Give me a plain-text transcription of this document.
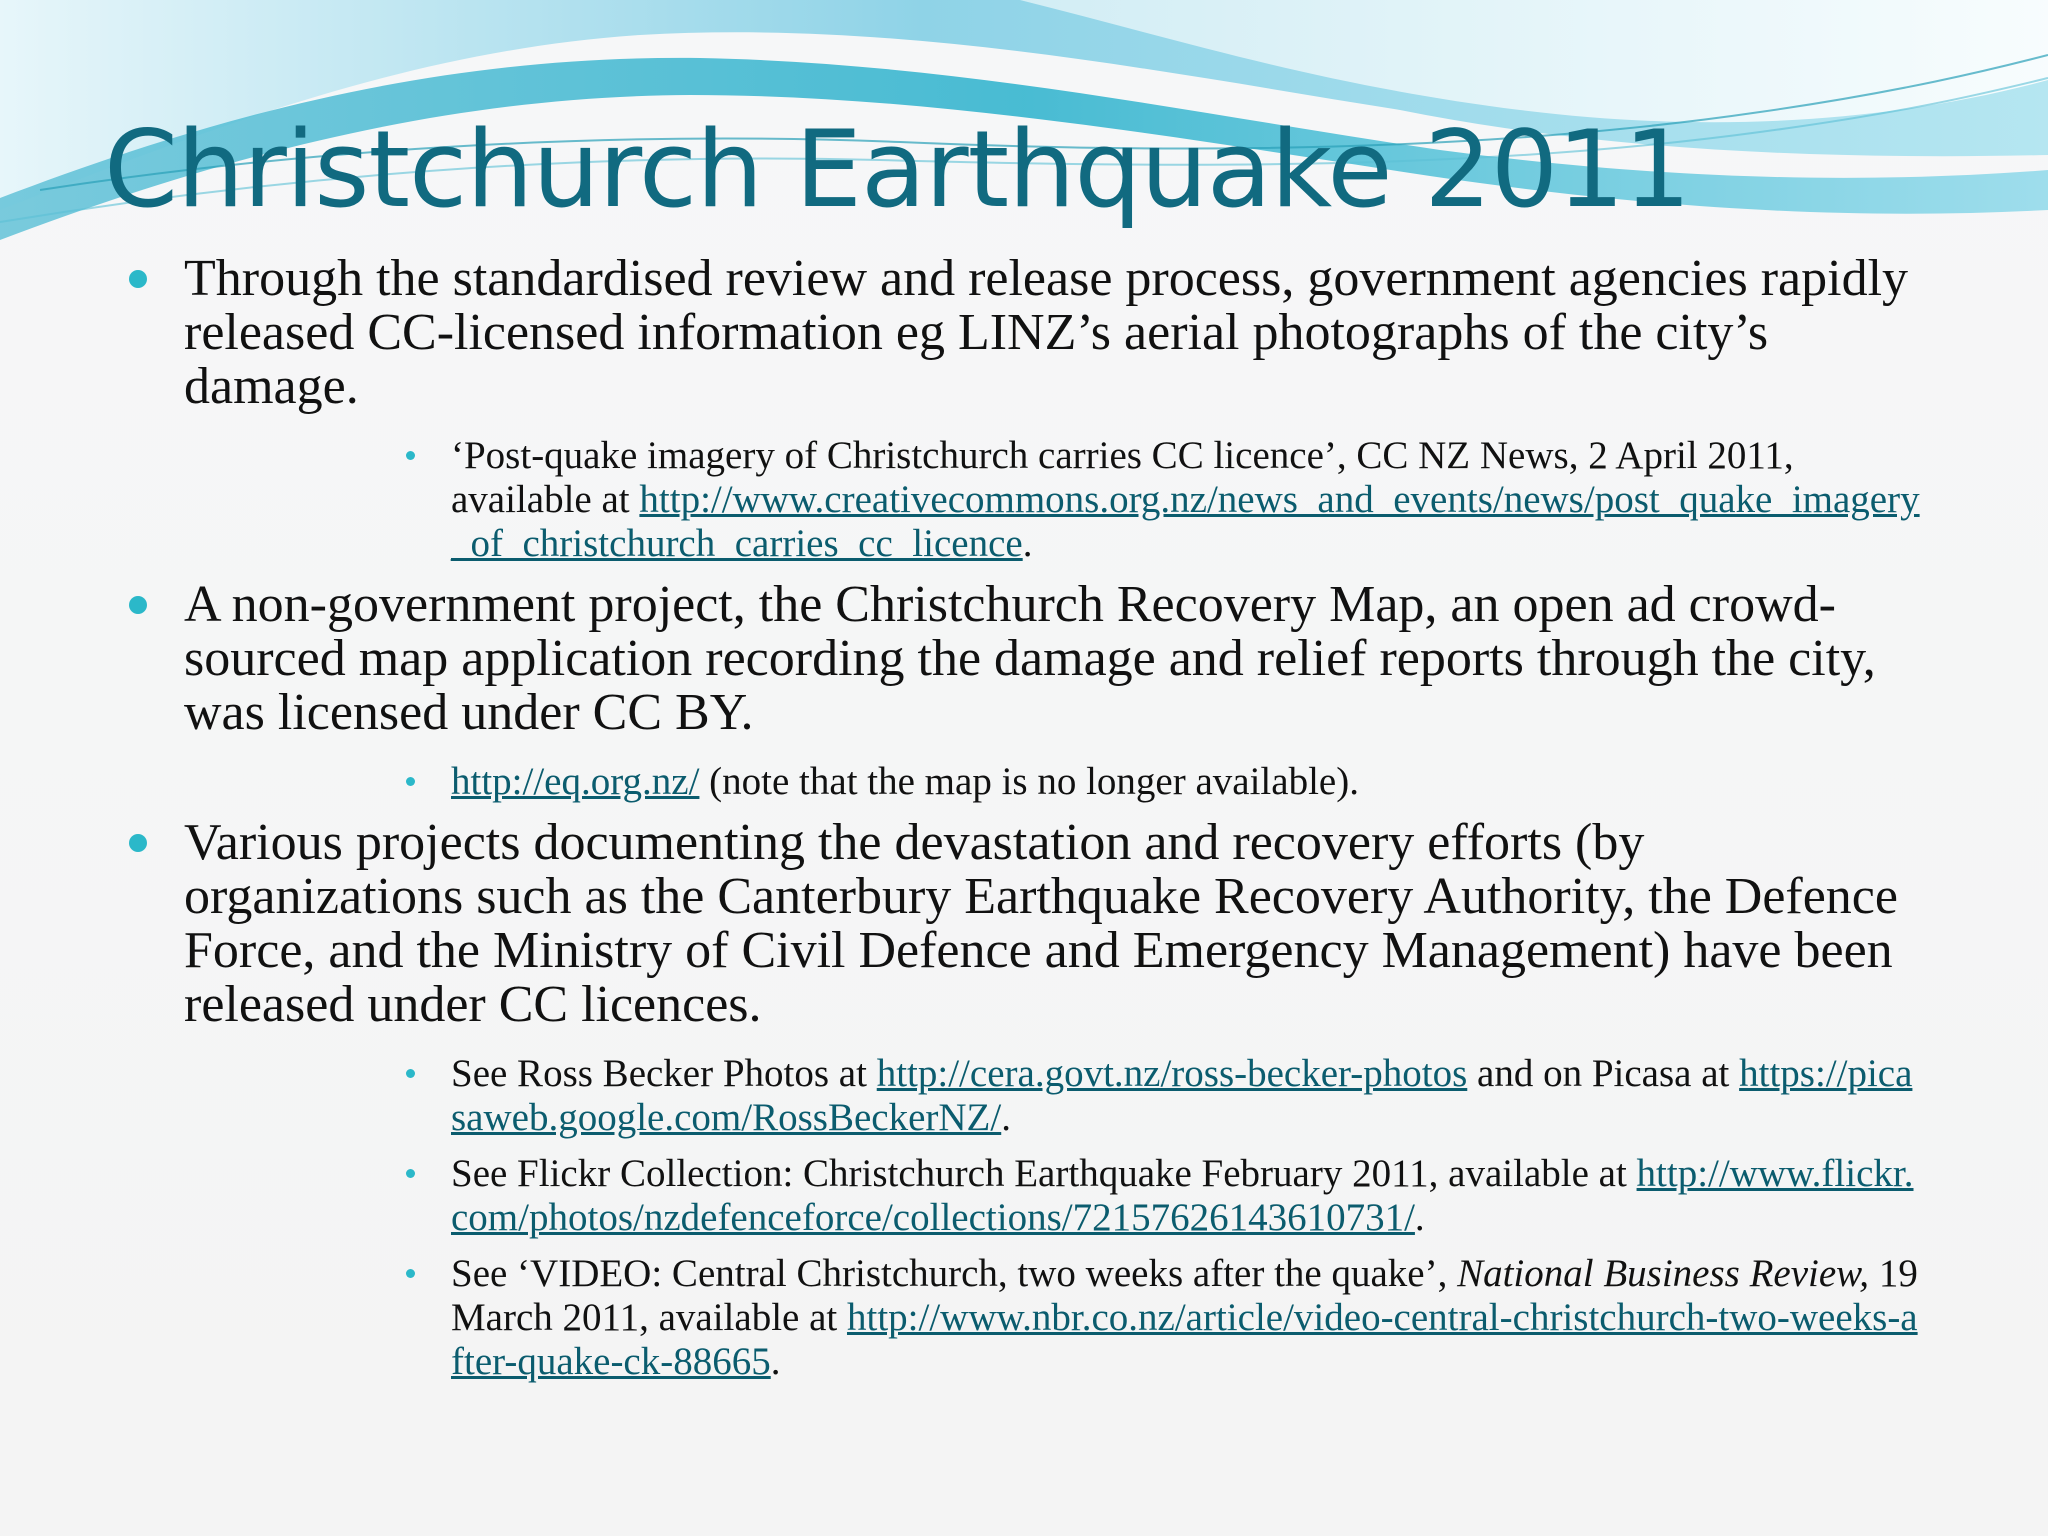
Christchurch Earthquake 2011
Through the standardised review and release process, government agencies rapidly released CC-licensed information eg LINZ’s aerial photographs of the city’s damage.
‘Post-quake imagery of Christchurch carries CC licence’, CC NZ News, 2 April 2011, available at http://www.creativecommons.org.nz/news_and_events/news/post_quake_imagery_of_christchurch_carries_cc_licence.
A non-government project, the Christchurch Recovery Map, an open ad crowd-sourced map application recording the damage and relief reports through the city, was licensed under CC BY.
http://eq.org.nz/ (note that the map is no longer available).
Various projects documenting the devastation and recovery efforts (by organizations such as the Canterbury Earthquake Recovery Authority, the Defence Force, and the Ministry of Civil Defence and Emergency Management) have been released under CC licences.
See Ross Becker Photos at http://cera.govt.nz/ross-becker-photos and on Picasa at https://picasaweb.google.com/RossBeckerNZ/.
See Flickr Collection: Christchurch Earthquake February 2011, available at http://www.flickr.com/photos/nzdefenceforce/collections/72157626143610731/.
See ‘VIDEO: Central Christchurch, two weeks after the quake’, National Business Review, 19 March 2011, available at http://www.nbr.co.nz/article/video-central-christchurch-two-weeks-after-quake-ck-88665.
